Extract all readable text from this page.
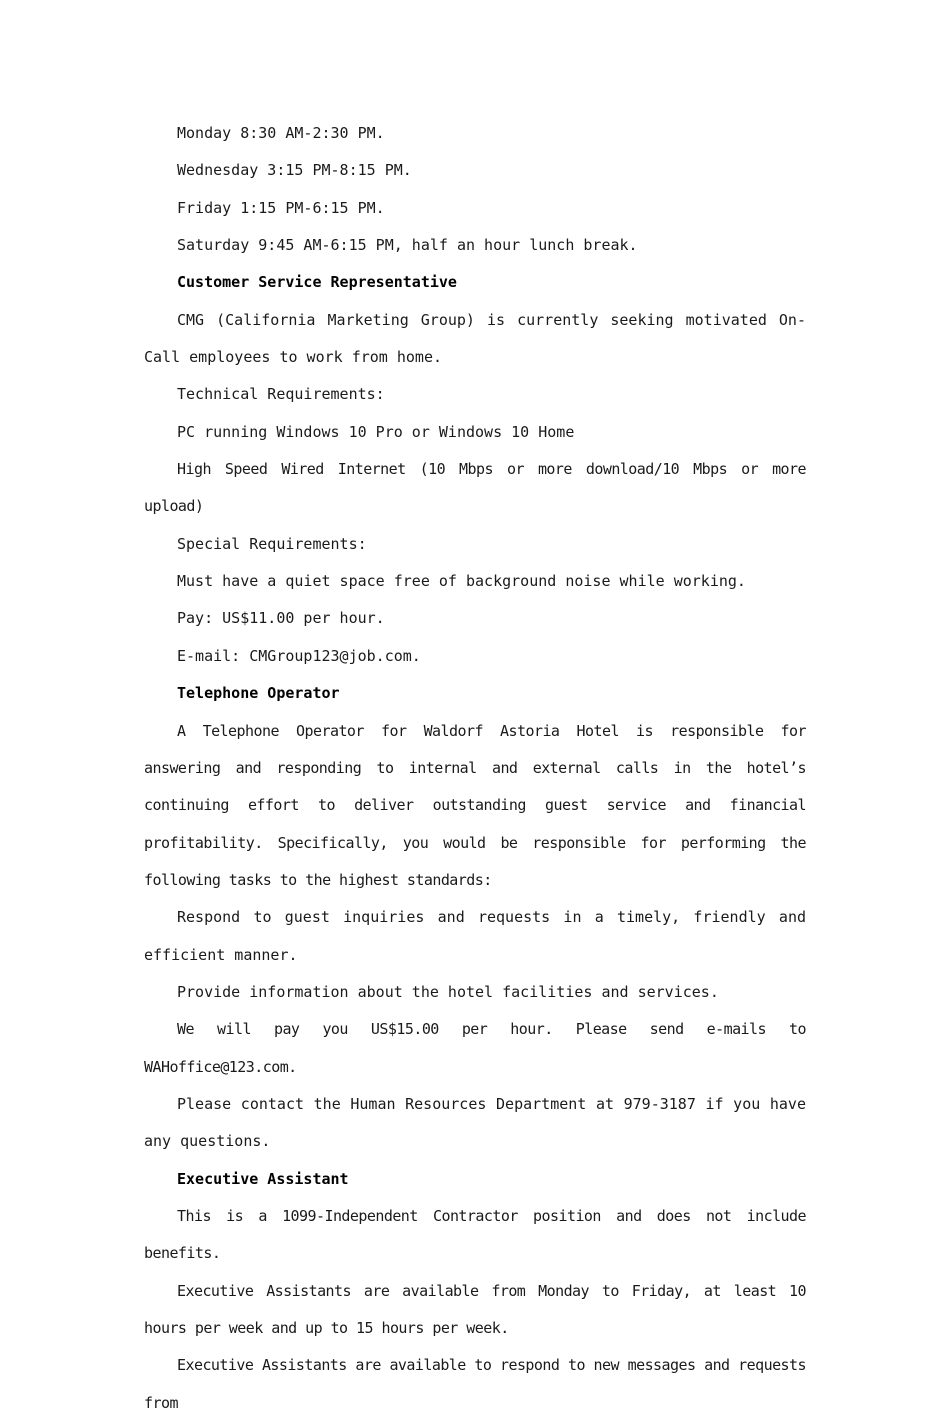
Monday 8:30 AM-2:30 PM.

Wednesday 3:15 PM-8:15 PM.

Friday 1:15 PM-6:15 PM.

Saturday 9:45 AM-6:15 PM, half an hour lunch break.

Customer Service Representative

CMG (California Marketing Group) is currently seeking motivated On-Call employees to work from home.

Technical Requirements:

PC running Windows 10 Pro or Windows 10 Home

High Speed Wired Internet (10 Mbps or more download/10 Mbps or more upload)

Special Requirements:

Must have a quiet space free of background noise while working.

Pay: US$11.00 per hour.

E-mail: CMGroup123@job.com.

Telephone Operator

A Telephone Operator for Waldorf Astoria Hotel is responsible for answering and responding to internal and external calls in the hotel’s continuing effort to deliver outstanding guest service and financial profitability. Specifically, you would be responsible for performing the following tasks to the highest standards:

Respond to guest inquiries and requests in a timely, friendly and efficient manner.

Provide information about the hotel facilities and services.

We will pay you US$15.00 per hour. Please send e-mails to WAHoffice@123.com.

Please contact the Human Resources Department at 979-3187 if you have any questions.

Executive Assistant

This is a 1099-Independent Contractor position and does not include benefits.

Executive Assistants are available from Monday to Friday, at least 10 hours per week and up to 15 hours per week.

Executive Assistants are available to respond to new messages and requests from
